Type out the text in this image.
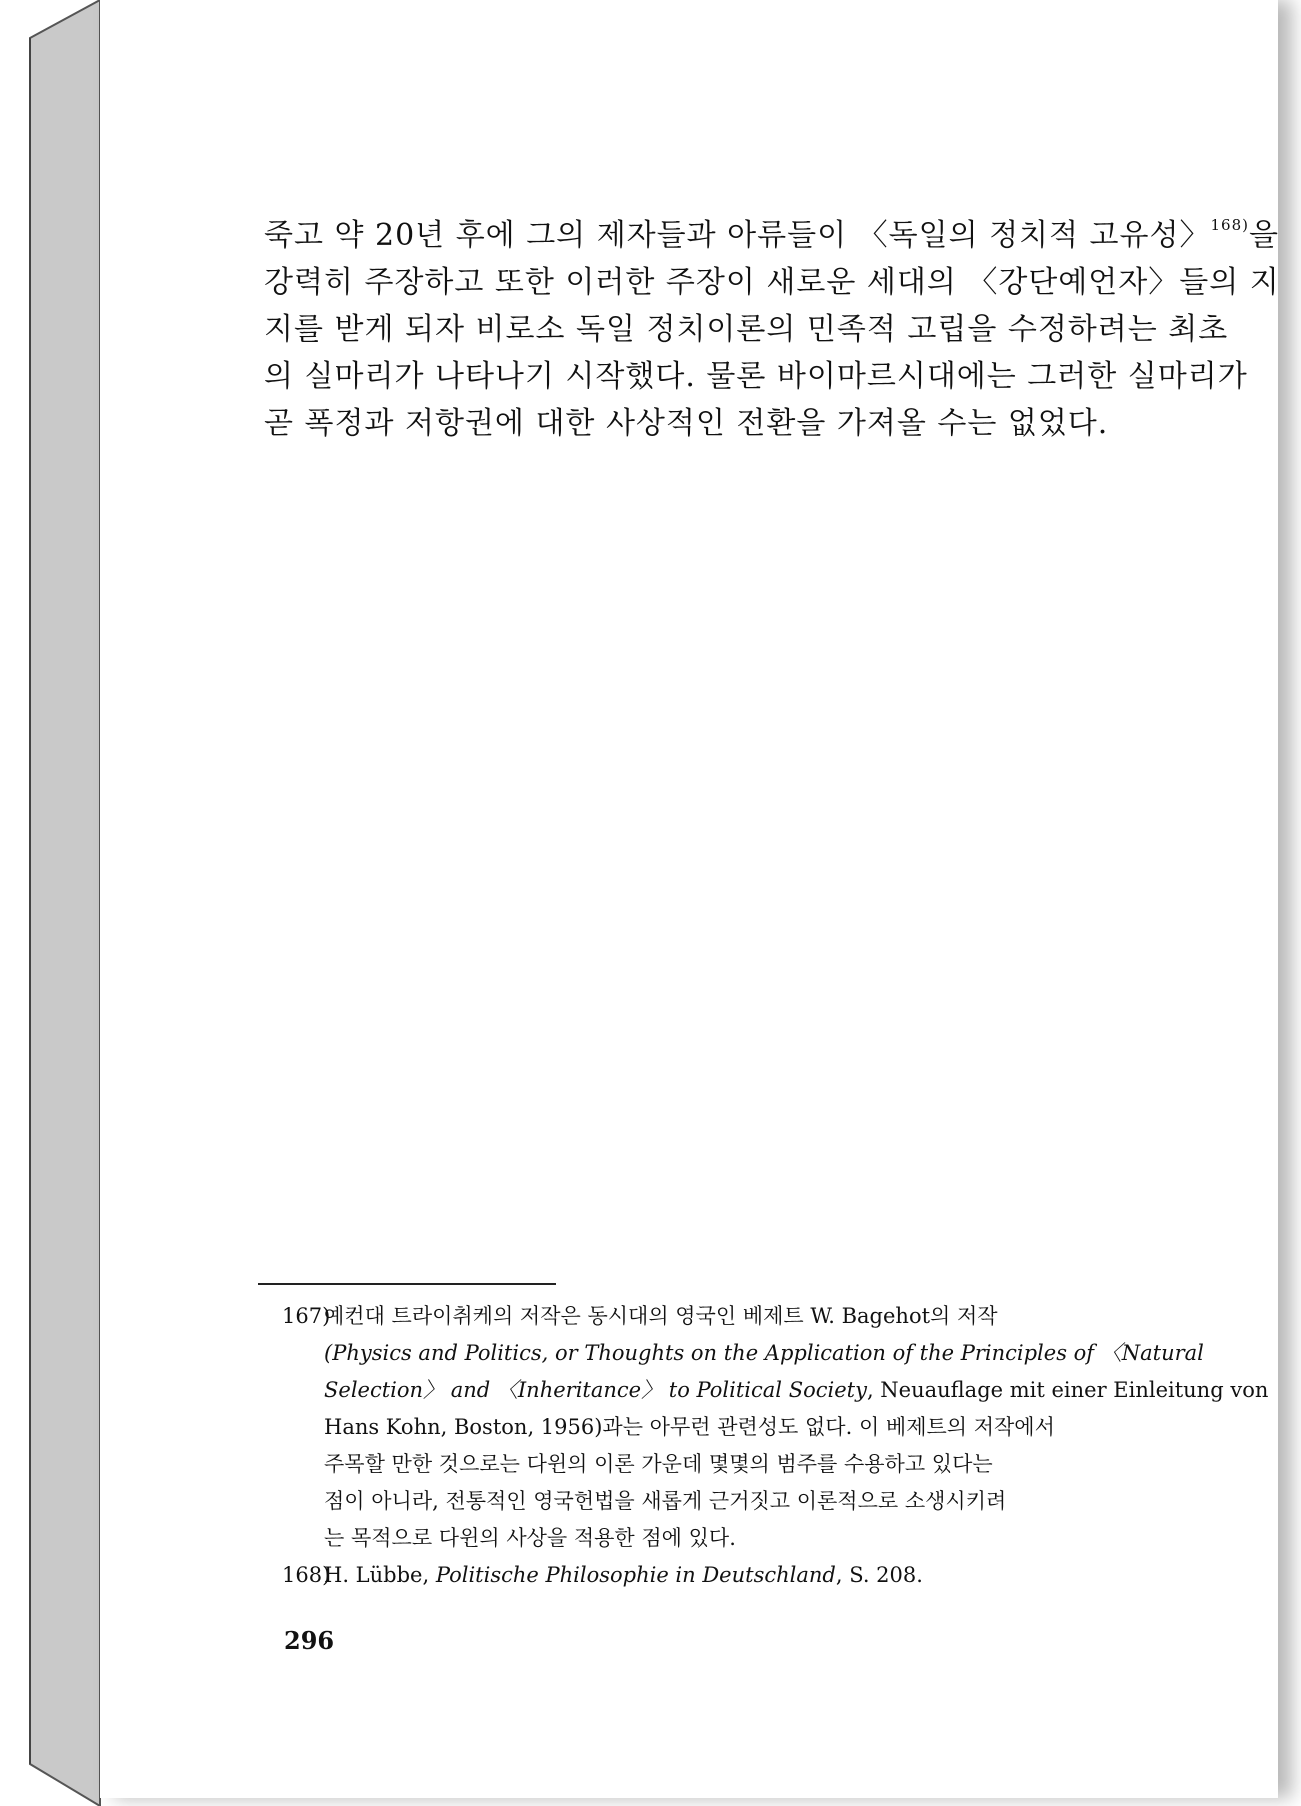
죽고 약 20년 후에 그의 제자들과 아류들이 〈독일의 정치적 고유성〉$^{168)}$을
강력히 주장하고 또한 이러한 주장이 새로운 세대의 〈강단예언자〉들의 지
지를 받게 되자 비로소 독일 정치이론의 민족적 고립을 수정하려는 최초
의 실마리가 나타나기 시작했다. 물론 바이마르시대에는 그러한 실마리가
곧 폭정과 저항권에 대한 사상적인 전환을 가져올 수는 없었다.
167)
예컨대 트라이취케의 저작은 동시대의 영국인 베제트 W. Bagehot의 저작
(Physics and Politics, or Thoughts on the Application of the Principles of 〈Natural
Selection〉 and 〈Inheritance〉 to Political Society, Neuauflage mit einer Einleitung von
Hans Kohn, Boston, 1956)과는 아무런 관련성도 없다. 이 베제트의 저작에서
주목할 만한 것으로는 다윈의 이론 가운데 몇몇의 범주를 수용하고 있다는
점이 아니라, 전통적인 영국헌법을 새롭게 근거짓고 이론적으로 소생시키려
는 목적으로 다윈의 사상을 적용한 점에 있다.
168)
H. Lübbe, Politische Philosophie in Deutschland, S. 208.
296
